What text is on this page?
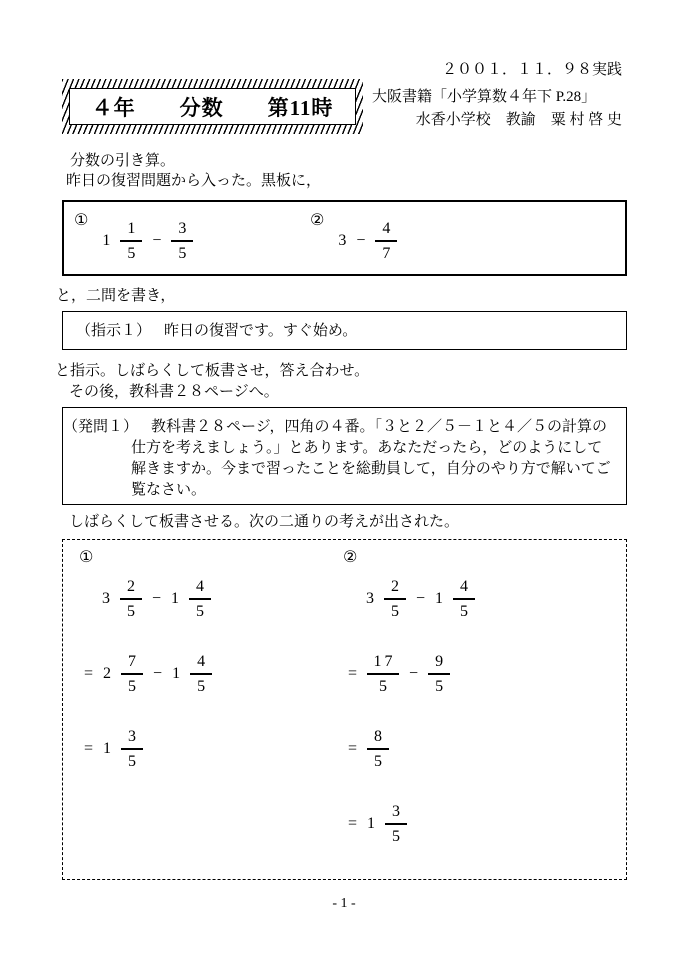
４年　　分数　　第11時
２００１．１１．９８実践
大阪書籍「小学算数４年下 P.28」
水香小学校　教諭　粟 村 啓 史
分数の引き算。
昨日の復習問題から入った。黒板に，
①
$1 \frac{1}{5} - \frac{3}{5}$	②
$3 - \frac{4}{7}$
と，二問を書き，
（指示１） 昨日の復習です。すぐ始め。
と指示。しばらくして板書させ，答え合わせ。
その後，教科書２８ページへ。
（発問１） 教科書２８ページ，四角の４番。「３と２／５－１と４／５の計算の仕方を考えましょう。」とあります。あなただったら，どのようにして解きますか。今まで習ったことを総動員して，自分のやり方で解いてご覧なさい。
しばらくして板書させる。次の二通りの考えが出された。
①
$3 \frac{2}{5} - 1 \frac{4}{5}$
= $2 \frac{7}{5} - 1 \frac{4}{5}$
= $1 \frac{3}{5}$
②
$3 \frac{2}{5} - 1 \frac{4}{5}$
= $\frac{17}{5} - \frac{9}{5}$
= $\frac{8}{5}$
= $1 \frac{3}{5}$
- 1 -
